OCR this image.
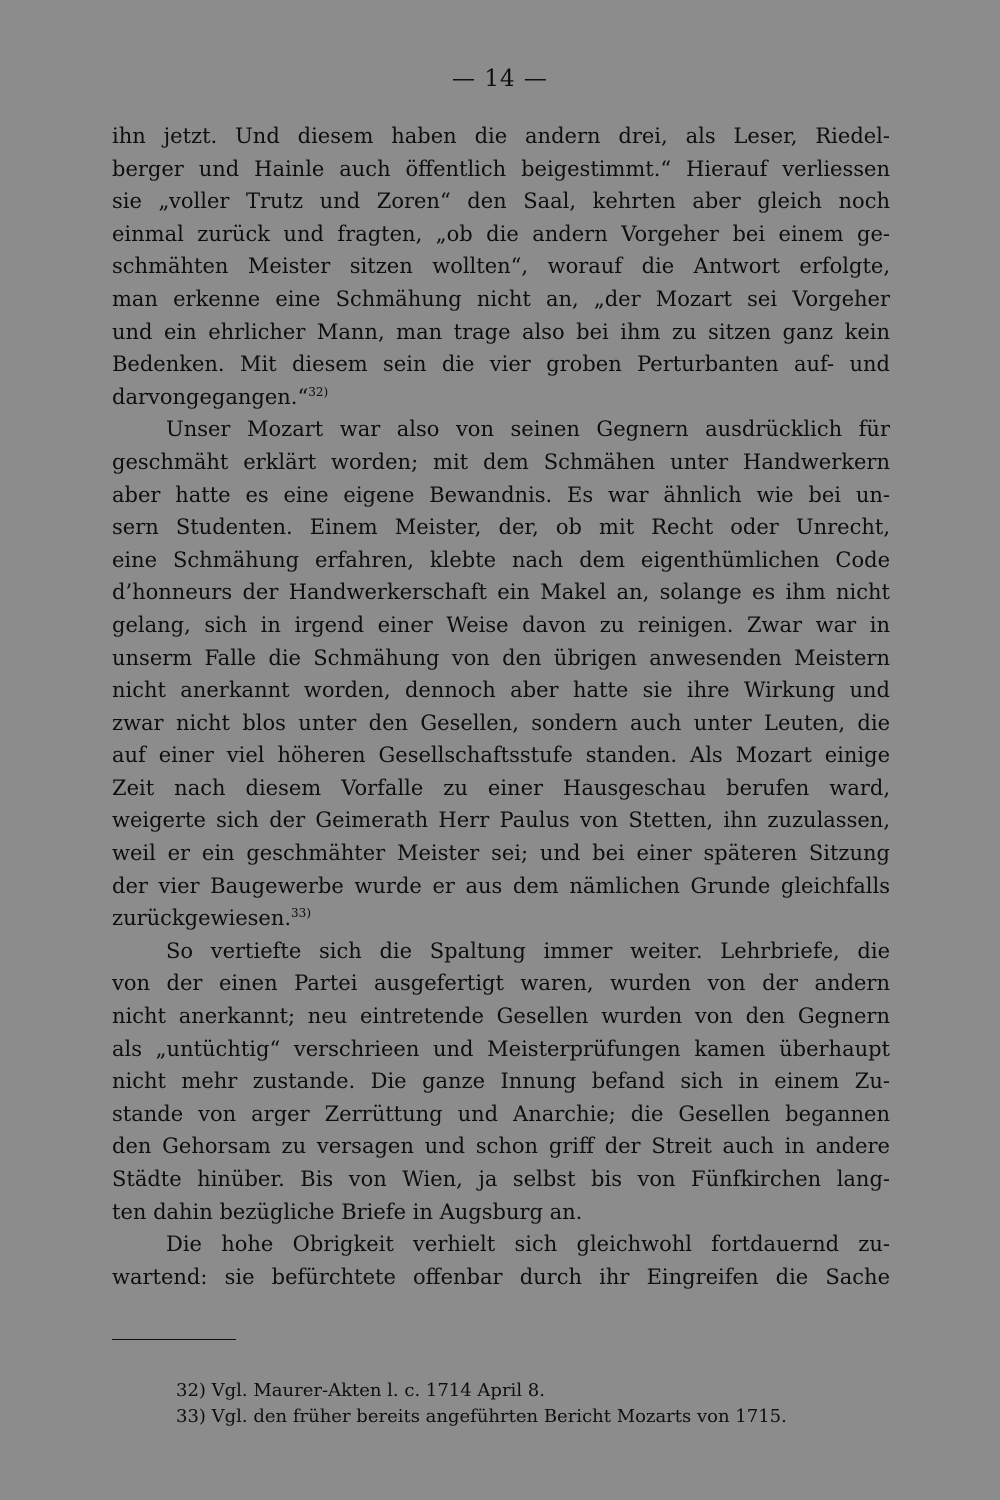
— 14 —
ihn jetzt. Und diesem haben die andern drei, als Leser, Riedel-
berger und Hainle auch öffentlich beigestimmt.“ Hierauf verliessen
sie „voller Trutz und Zoren“ den Saal, kehrten aber gleich noch
einmal zurück und fragten, „ob die andern Vorgeher bei einem ge-
schmähten Meister sitzen wollten“, worauf die Antwort erfolgte,
man erkenne eine Schmähung nicht an, „der Mozart sei Vorgeher
und ein ehrlicher Mann, man trage also bei ihm zu sitzen ganz kein
Bedenken. Mit diesem sein die vier groben Perturbanten auf- und
darvongegangen.“$^{32)}$
Unser Mozart war also von seinen Gegnern ausdrücklich für
geschmäht erklärt worden; mit dem Schmähen unter Handwerkern
aber hatte es eine eigene Bewandnis. Es war ähnlich wie bei un-
sern Studenten. Einem Meister, der, ob mit Recht oder Unrecht,
eine Schmähung erfahren, klebte nach dem eigenthümlichen Code
d’honneurs der Handwerkerschaft ein Makel an, solange es ihm nicht
gelang, sich in irgend einer Weise davon zu reinigen. Zwar war in
unserm Falle die Schmähung von den übrigen anwesenden Meistern
nicht anerkannt worden, dennoch aber hatte sie ihre Wirkung und
zwar nicht blos unter den Gesellen, sondern auch unter Leuten, die
auf einer viel höheren Gesellschaftsstufe standen. Als Mozart einige
Zeit nach diesem Vorfalle zu einer Hausgeschau berufen ward,
weigerte sich der Geimerath Herr Paulus von Stetten, ihn zuzulassen,
weil er ein geschmähter Meister sei; und bei einer späteren Sitzung
der vier Baugewerbe wurde er aus dem nämlichen Grunde gleichfalls
zurückgewiesen.$^{33)}$
So vertiefte sich die Spaltung immer weiter. Lehrbriefe, die
von der einen Partei ausgefertigt waren, wurden von der andern
nicht anerkannt; neu eintretende Gesellen wurden von den Gegnern
als „untüchtig“ verschrieen und Meisterprüfungen kamen überhaupt
nicht mehr zustande. Die ganze Innung befand sich in einem Zu-
stande von arger Zerrüttung und Anarchie; die Gesellen begannen
den Gehorsam zu versagen und schon griff der Streit auch in andere
Städte hinüber. Bis von Wien, ja selbst bis von Fünfkirchen lang-
ten dahin bezügliche Briefe in Augsburg an.
Die hohe Obrigkeit verhielt sich gleichwohl fortdauernd zu-
wartend: sie befürchtete offenbar durch ihr Eingreifen die Sache
32) Vgl. Maurer-Akten l. c. 1714 April 8.
33) Vgl. den früher bereits angeführten Bericht Mozarts von 1715.
